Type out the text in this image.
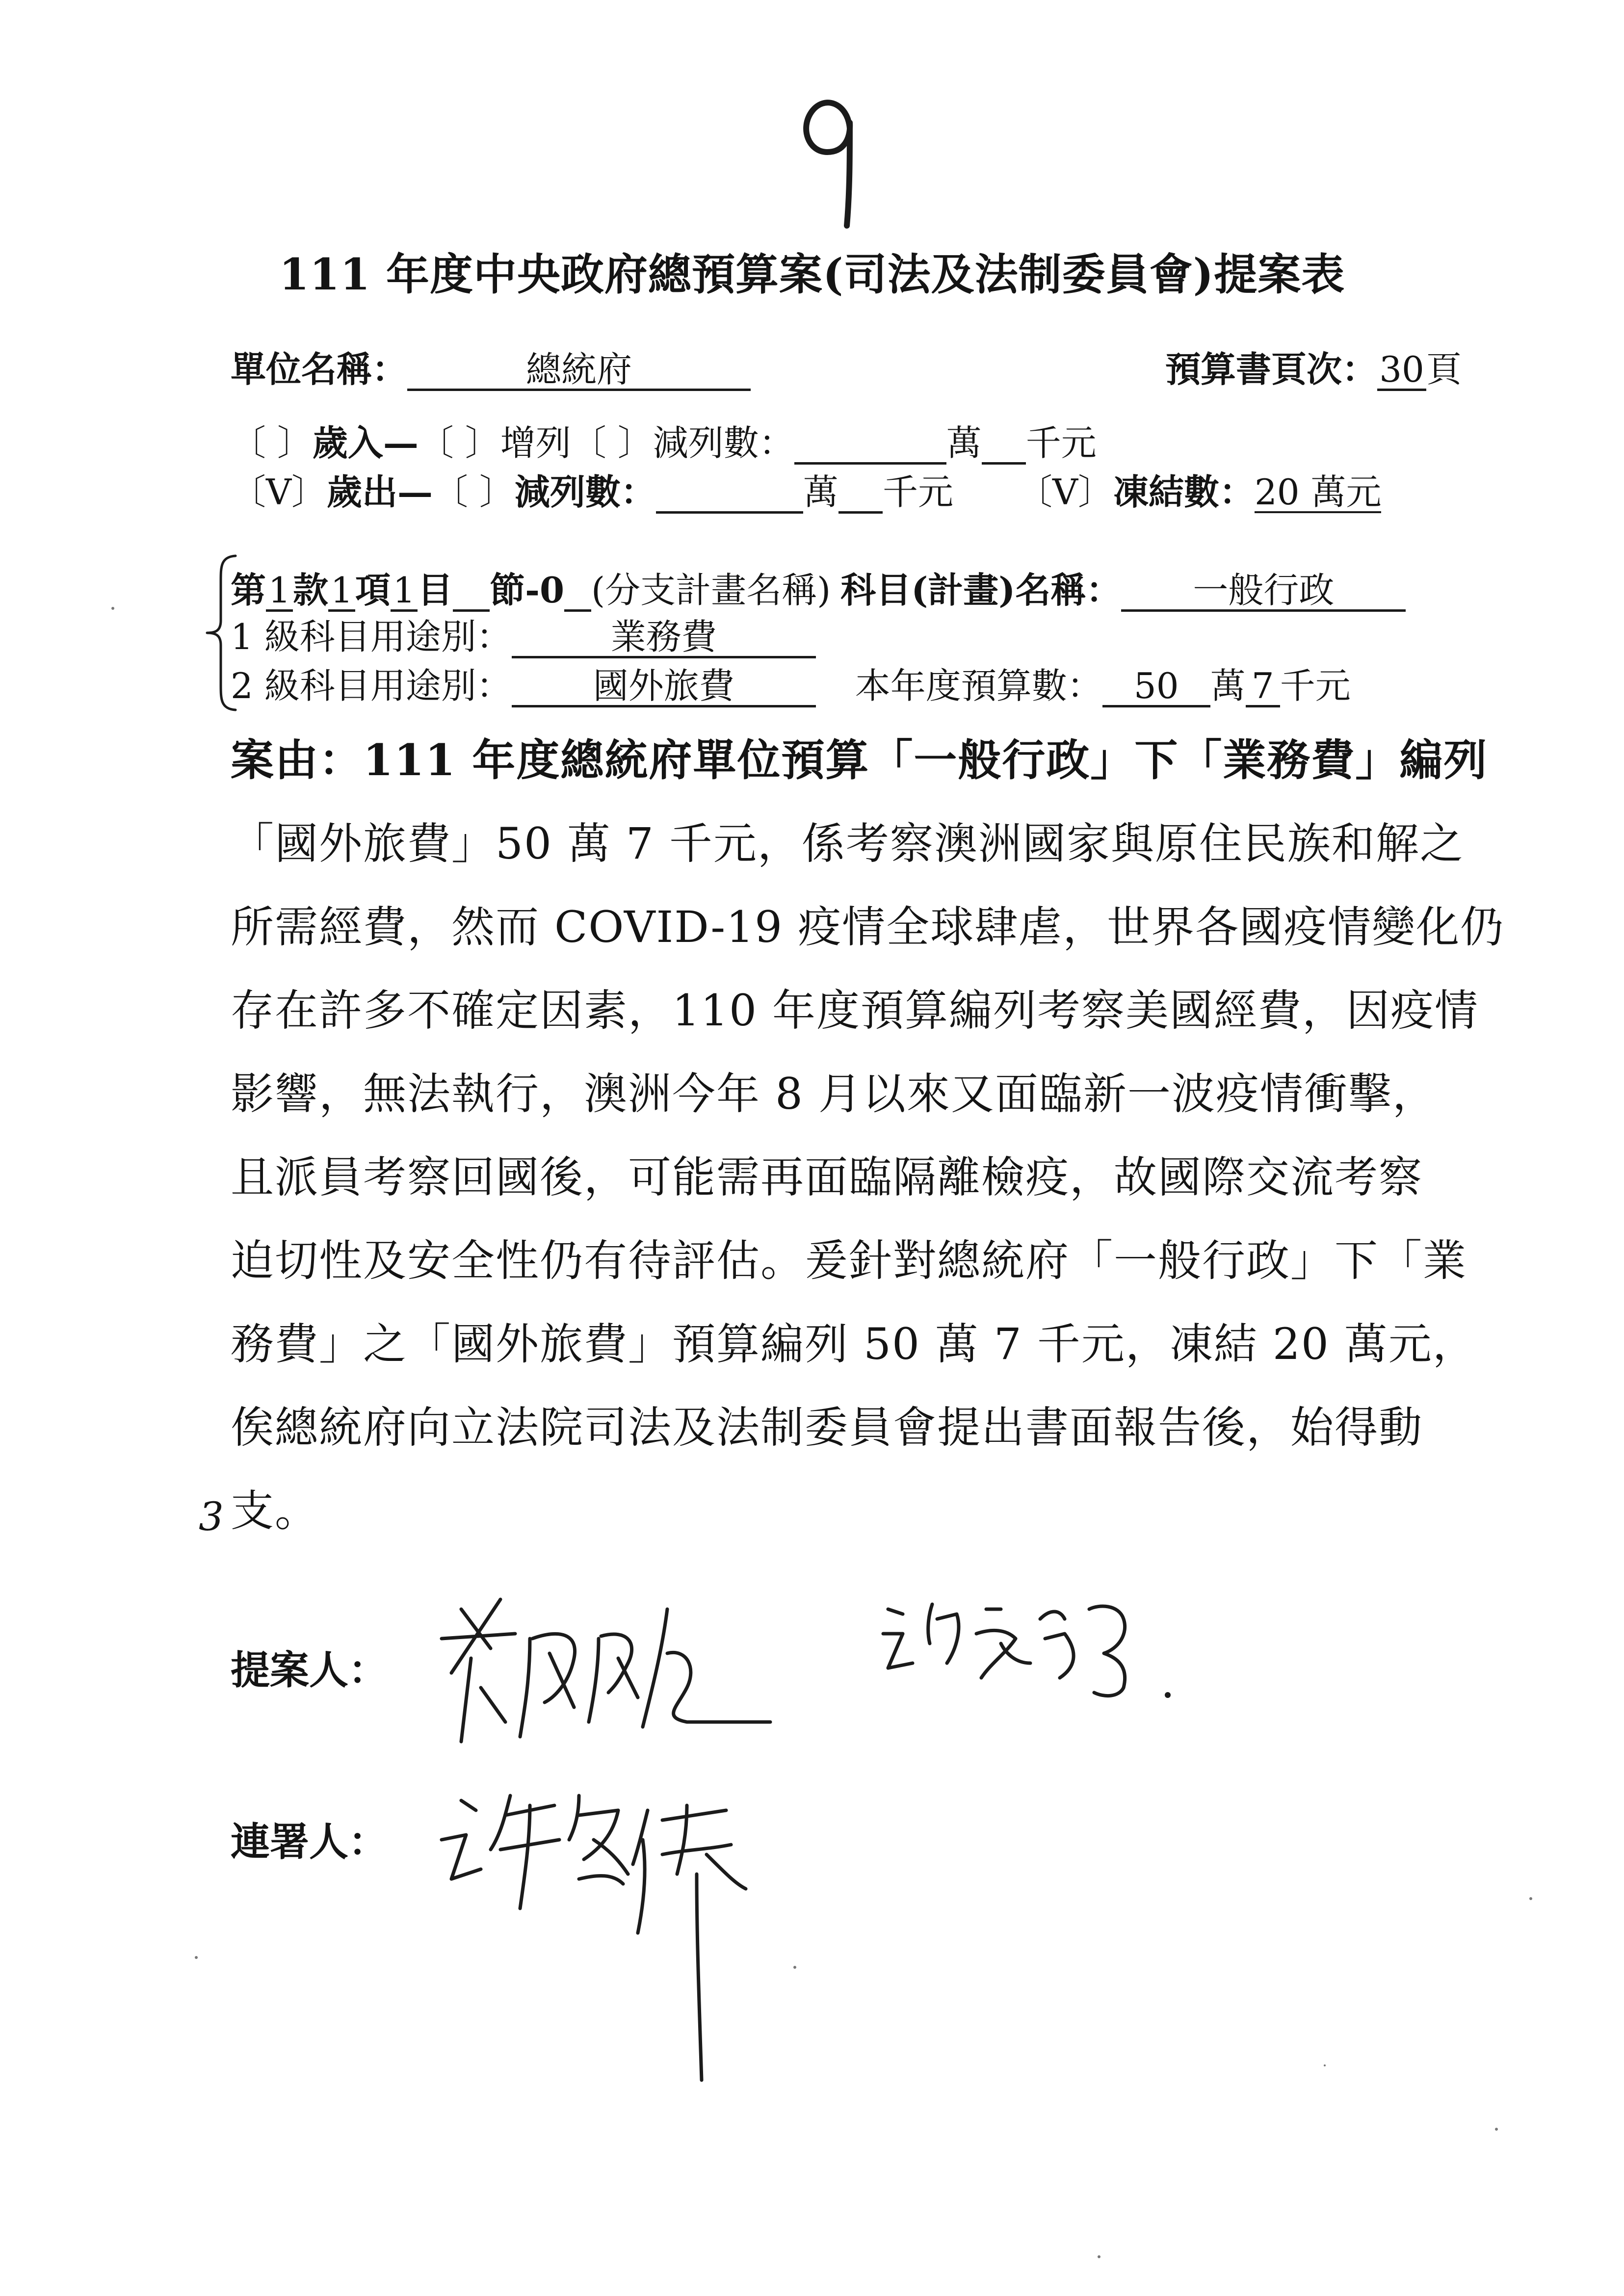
111 年度中央政府總預算案(司法及法制委員會)提案表
單位名稱：	總統府	預算書頁次：30頁
〔 〕歲入—〔 〕增列〔 〕減列數：	萬 千元
〔V〕歲出—〔 〕減列數：	萬 千元 〔V〕凍結數：20 萬元
第1款1項1目 節-0 (分支計畫名稱) 科目(計畫)名稱： 一般行政
1 級科目用途別：	業務費
2 級科目用途別： 國外旅費	本年度預算數： 50 萬 7 千元
案由：111 年度總統府單位預算「一般行政」下「業務費」編列
「國外旅費」50 萬 7 千元，係考察澳洲國家與原住民族和解之
所需經費，然而 COVID-19 疫情全球肆虐，世界各國疫情變化仍
存在許多不確定因素，110 年度預算編列考察美國經費，因疫情
影響，無法執行，澳洲今年 8 月以來又面臨新一波疫情衝擊，
且派員考察回國後，可能需再面臨隔離檢疫，故國際交流考察
迫切性及安全性仍有待評估。爰針對總統府「一般行政」下「業
務費」之「國外旅費」預算編列 50 萬 7 千元，凍結 20 萬元，
俟總統府向立法院司法及法制委員會提出書面報告後，始得動
支。
3
提案人：
連署人：
